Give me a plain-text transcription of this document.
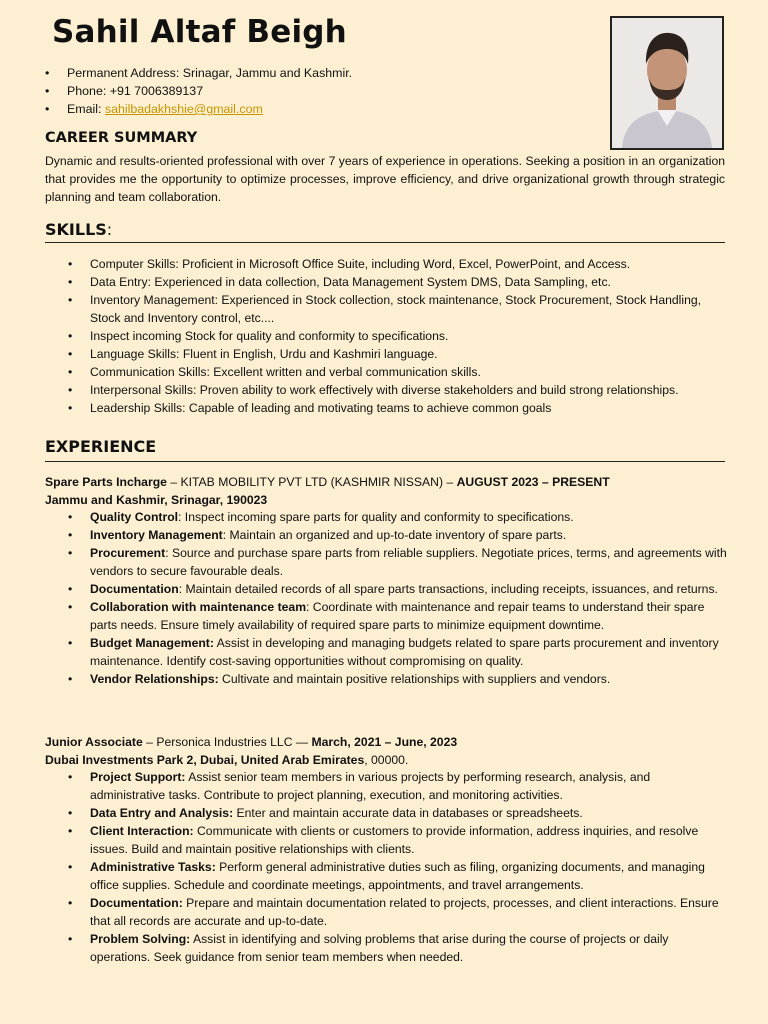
Sahil Altaf Beigh
• Permanent Address: Srinagar, Jammu and Kashmir.
• Phone: +91 7006389137
• Email: sahilbadakhshie@gmail.com
CAREER SUMMARY
Dynamic and results-oriented professional with over 7 years of experience in operations. Seeking a position in an organization that provides me the opportunity to optimize processes, improve efficiency, and drive organizational growth through strategic planning and team collaboration.
SKILLS:
• Computer Skills: Proficient in Microsoft Office Suite, including Word, Excel, PowerPoint, and Access.
• Data Entry: Experienced in data collection, Data Management System DMS, Data Sampling, etc.
• Inventory Management: Experienced in Stock collection, stock maintenance, Stock Procurement, Stock Handling, Stock and Inventory control, etc....
• Inspect incoming Stock for quality and conformity to specifications.
• Language Skills: Fluent in English, Urdu and Kashmiri language.
• Communication Skills: Excellent written and verbal communication skills.
• Interpersonal Skills: Proven ability to work effectively with diverse stakeholders and build strong relationships.
• Leadership Skills: Capable of leading and motivating teams to achieve common goals
EXPERIENCE
Spare Parts Incharge – KITAB MOBILITY PVT LTD (KASHMIR NISSAN) – AUGUST 2023 – PRESENT
Jammu and Kashmir, Srinagar, 190023
• Quality Control: Inspect incoming spare parts for quality and conformity to specifications.
• Inventory Management: Maintain an organized and up-to-date inventory of spare parts.
• Procurement: Source and purchase spare parts from reliable suppliers. Negotiate prices, terms, and agreements with vendors to secure favourable deals.
• Documentation: Maintain detailed records of all spare parts transactions, including receipts, issuances, and returns.
• Collaboration with maintenance team: Coordinate with maintenance and repair teams to understand their spare parts needs. Ensure timely availability of required spare parts to minimize equipment downtime.
• Budget Management: Assist in developing and managing budgets related to spare parts procurement and inventory maintenance. Identify cost-saving opportunities without compromising on quality.
• Vendor Relationships: Cultivate and maintain positive relationships with suppliers and vendors.
Junior Associate – Personica Industries LLC — March, 2021 – June, 2023
Dubai Investments Park 2, Dubai, United Arab Emirates, 00000.
• Project Support: Assist senior team members in various projects by performing research, analysis, and administrative tasks. Contribute to project planning, execution, and monitoring activities.
• Data Entry and Analysis: Enter and maintain accurate data in databases or spreadsheets.
• Client Interaction: Communicate with clients or customers to provide information, address inquiries, and resolve issues. Build and maintain positive relationships with clients.
• Administrative Tasks: Perform general administrative duties such as filing, organizing documents, and managing office supplies. Schedule and coordinate meetings, appointments, and travel arrangements.
• Documentation: Prepare and maintain documentation related to projects, processes, and client interactions. Ensure that all records are accurate and up-to-date.
• Problem Solving: Assist in identifying and solving problems that arise during the course of projects or daily operations. Seek guidance from senior team members when needed.
